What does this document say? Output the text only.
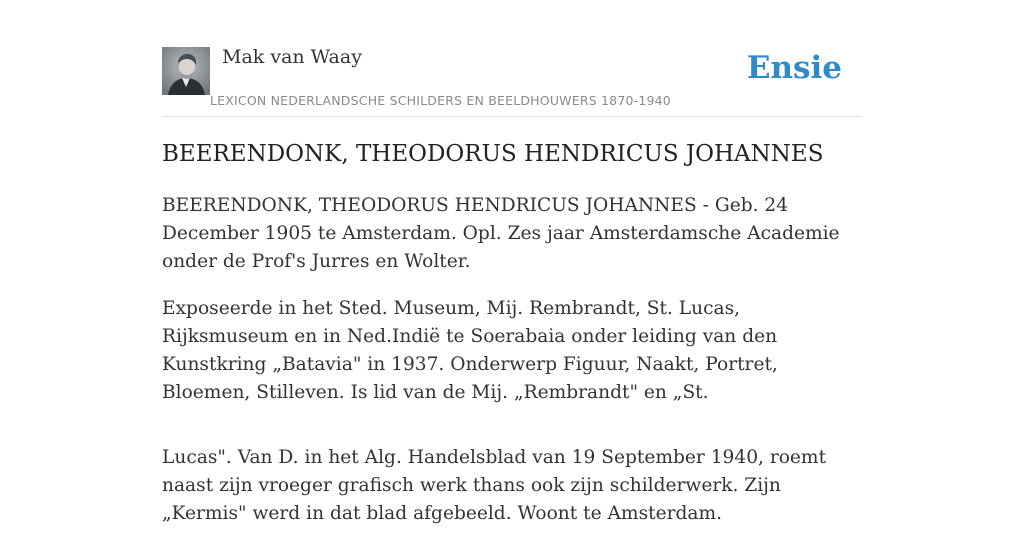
Mak van Waay
LEXICON NEDERLANDSCHE SCHILDERS EN BEELDHOUWERS 1870-1940
Ensie
BEERENDONK, THEODORUS HENDRICUS JOHANNES

BEERENDONK, THEODORUS HENDRICUS JOHANNES - Geb. 24 December 1905 te Amsterdam. Opl. Zes jaar Amsterdamsche Academie onder de Prof's Jurres en Wolter.

Exposeerde in het Sted. Museum, Mij. Rembrandt, St. Lucas, Rijksmuseum en in Ned.Indië te Soerabaia onder leiding van den Kunstkring „Batavia" in 1937. Onderwerp Figuur, Naakt, Portret, Bloemen, Stilleven. Is lid van de Mij. „Rembrandt" en „St.

Lucas". Van D. in het Alg. Handelsblad van 19 September 1940, roemt naast zijn vroeger grafisch werk thans ook zijn schilderwerk. Zijn „Kermis" werd in dat blad afgebeeld. Woont te Amsterdam.
